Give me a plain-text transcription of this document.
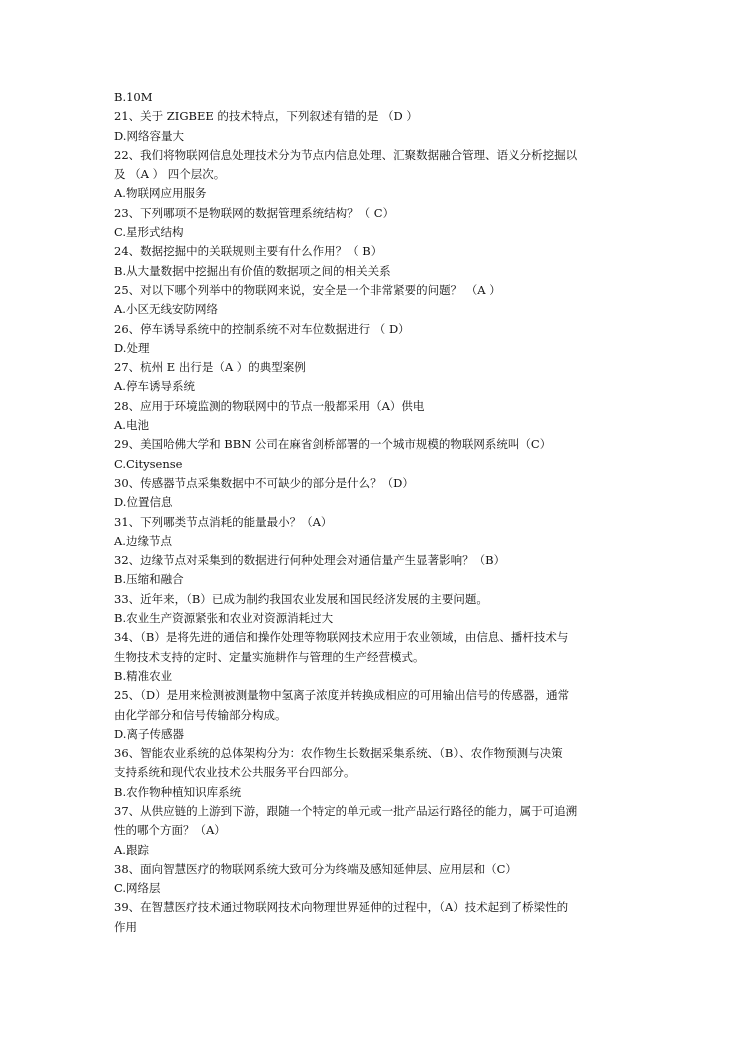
B.10M
21、关于 ZIGBEE 的技术特点，下列叙述有错的是 （D ）
D.网络容量大
22、我们将物联网信息处理技术分为节点内信息处理、汇聚数据融合管理、语义分析挖掘以
及 （A ） 四个层次。
A.物联网应用服务
23、下列哪项不是物联网的数据管理系统结构？（ C）
C.星形式结构
24、数据挖掘中的关联规则主要有什么作用？（ B）
B.从大量数据中挖掘出有价值的数据项之间的相关关系
25、对以下哪个列举中的物联网来说，安全是一个非常紧要的问题？ （A ）
A.小区无线安防网络
26、停车诱导系统中的控制系统不对车位数据进行 （ D）
D.处理
27、杭州 E 出行是（A ）的典型案例
A.停车诱导系统
28、应用于环境监测的物联网中的节点一般都采用（A）供电
A.电池
29、美国哈佛大学和 BBN 公司在麻省剑桥部署的一个城市规模的物联网系统叫（C）
C.Citysense
30、传感器节点采集数据中不可缺少的部分是什么？（D）
D.位置信息
31、下列哪类节点消耗的能量最小？（A）
A.边缘节点
32、边缘节点对采集到的数据进行何种处理会对通信量产生显著影响？（B）
B.压缩和融合
33、近年来，（B）已成为制约我国农业发展和国民经济发展的主要问题。
B.农业生产资源紧张和农业对资源消耗过大
34、（B）是将先进的通信和操作处理等物联网技术应用于农业领域，由信息、播杆技术与
生物技术支持的定时、定量实施耕作与管理的生产经营模式。
B.精准农业
25、（D）是用来检测被测量物中氢离子浓度并转换成相应的可用输出信号的传感器，通常
由化学部分和信号传输部分构成。
D.离子传感器
36、智能农业系统的总体架构分为：农作物生长数据采集系统、（B）、农作物预测与决策
支持系统和现代农业技术公共服务平台四部分。
B.农作物种植知识库系统
37、从供应链的上游到下游，跟随一个特定的单元或一批产品运行路径的能力，属于可追溯
性的哪个方面？（A）
A.跟踪
38、面向智慧医疗的物联网系统大致可分为终端及感知延伸层、应用层和（C）
C.网络层
39、在智慧医疗技术通过物联网技术向物理世界延伸的过程中，（A）技术起到了桥梁性的
作用
